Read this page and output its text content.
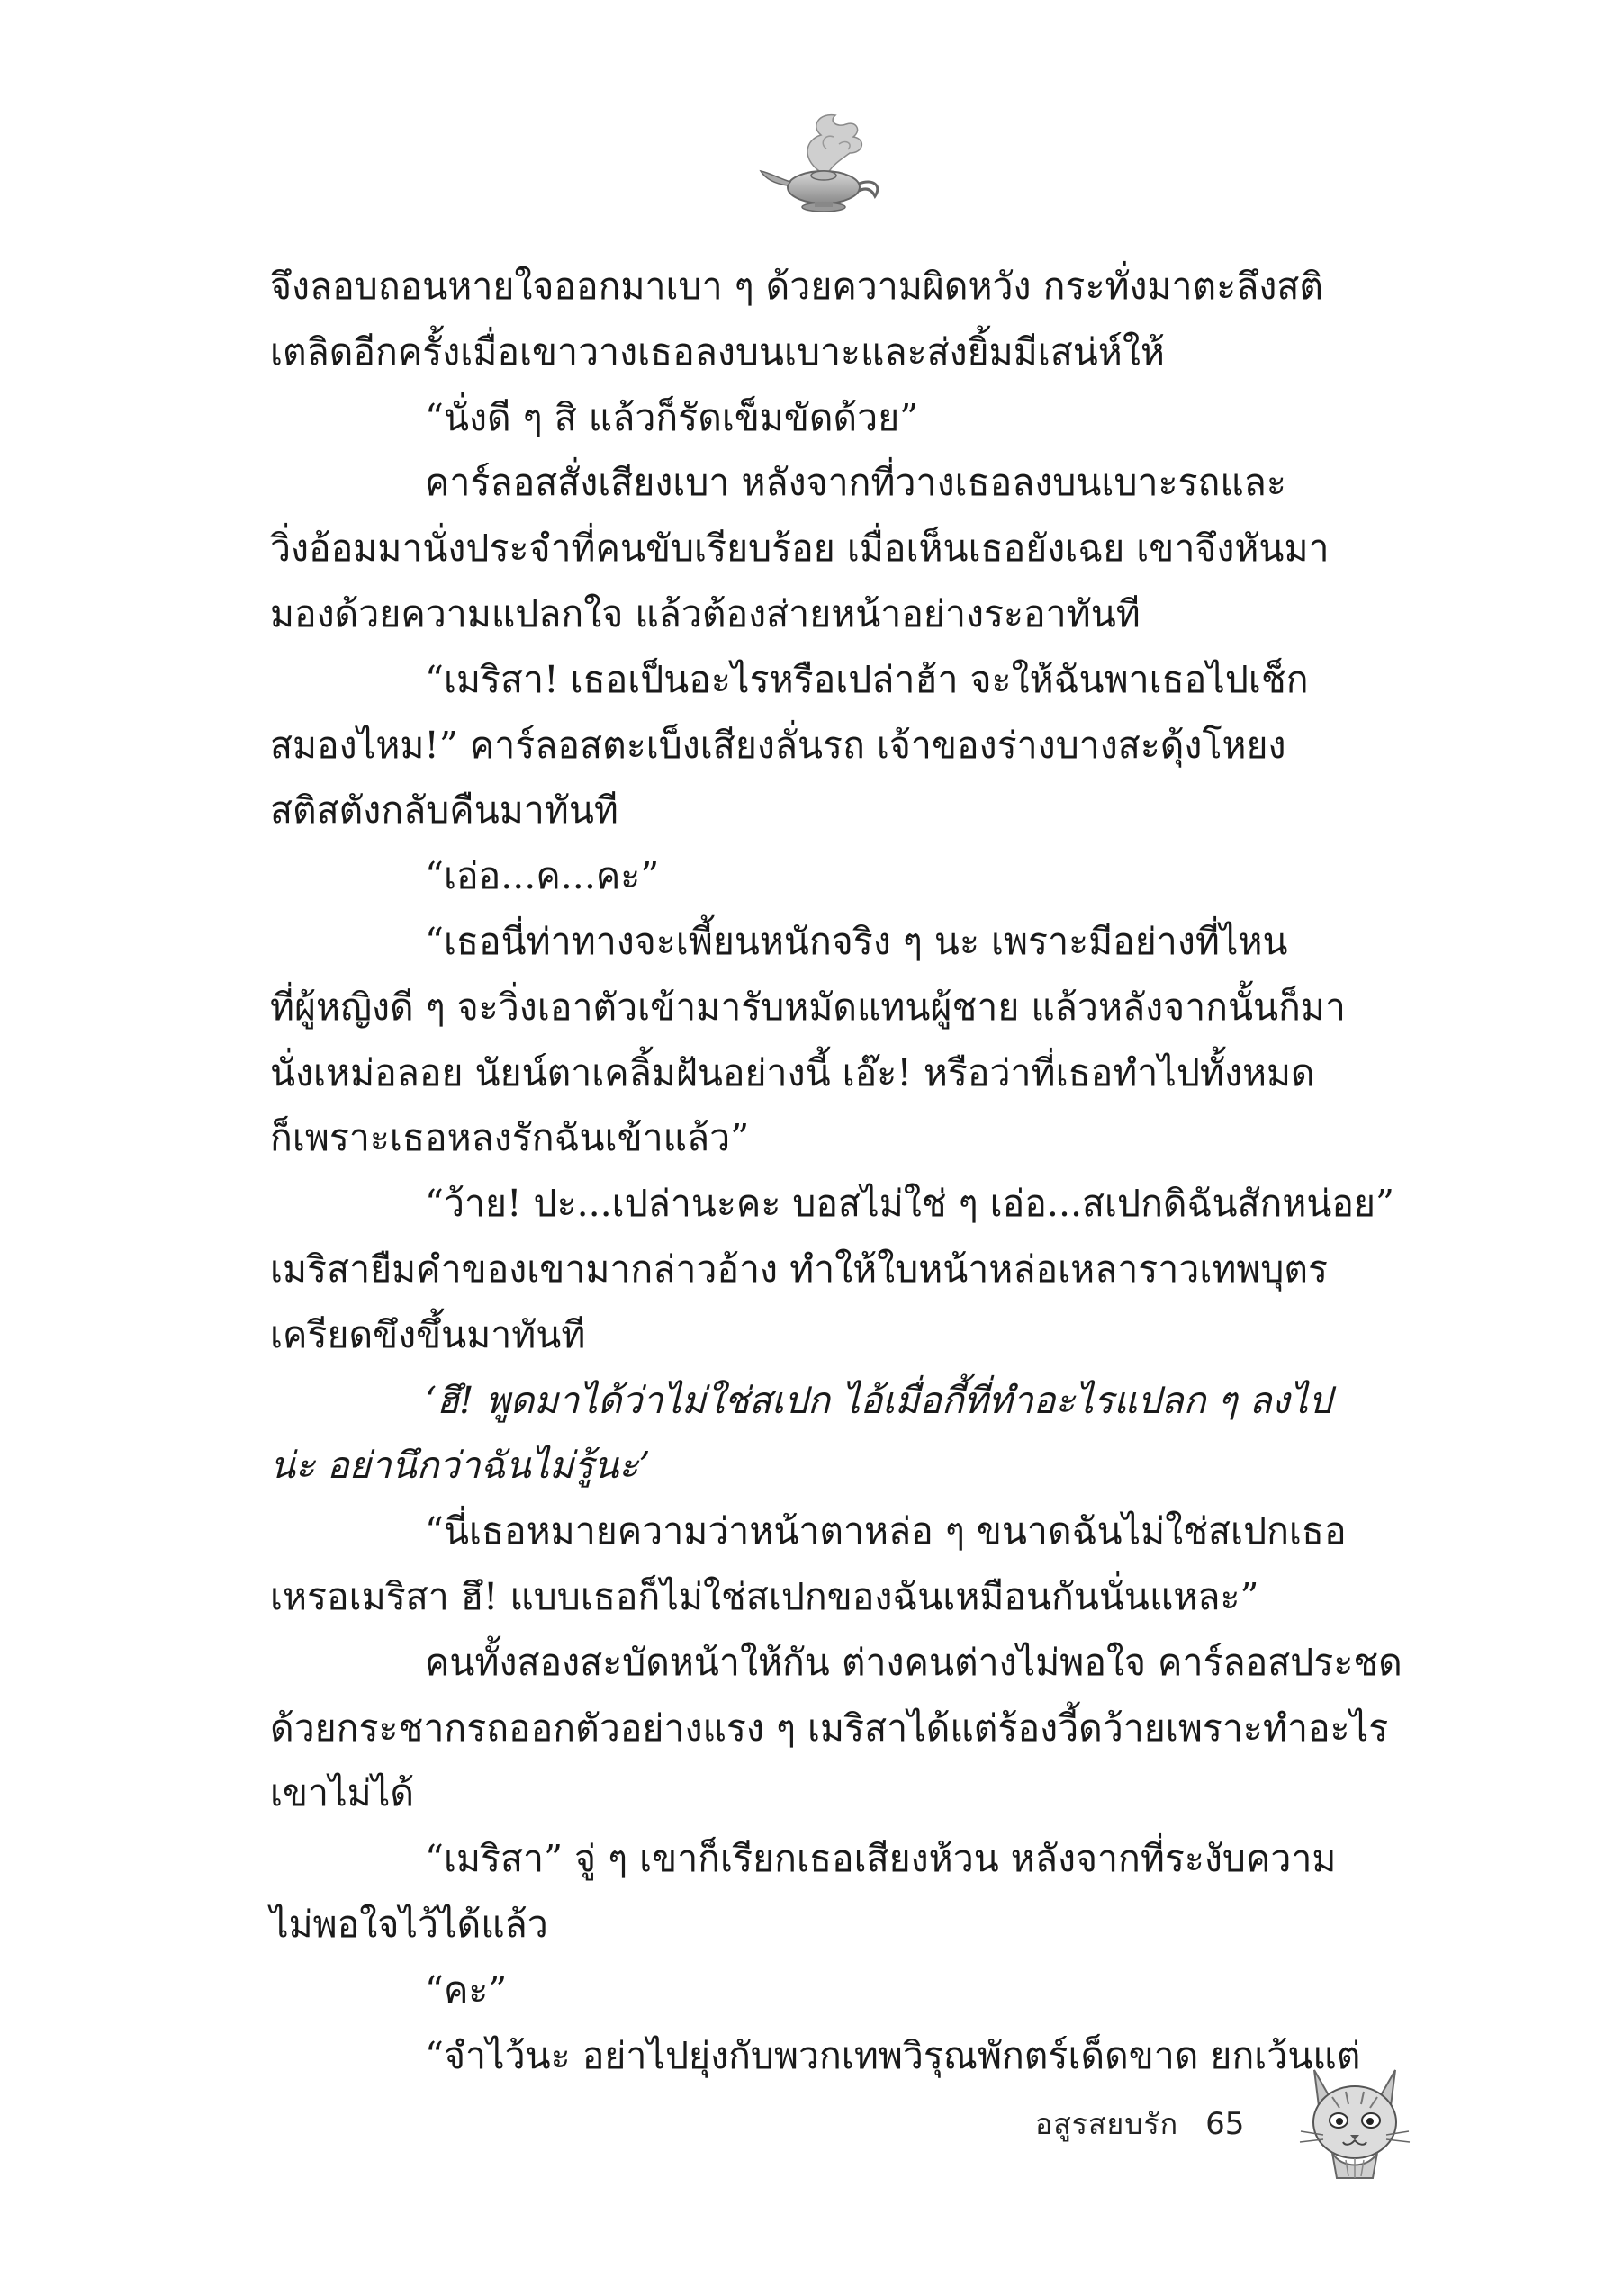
จึงลอบถอนหายใจออกมาเบา ๆ ด้วยความผิดหวัง กระทั่งมาตะลึงสติ
เตลิดอีกครั้งเมื่อเขาวางเธอลงบนเบาะและส่งยิ้มมีเสน่ห์ให้
“นั่งดี ๆ สิ แล้วก็รัดเข็มขัดด้วย”
คาร์ลอสสั่งเสียงเบา หลังจากที่วางเธอลงบนเบาะรถและ
วิ่งอ้อมมานั่งประจำที่คนขับเรียบร้อย เมื่อเห็นเธอยังเฉย เขาจึงหันมา
มองด้วยความแปลกใจ แล้วต้องส่ายหน้าอย่างระอาทันที
“เมริสา! เธอเป็นอะไรหรือเปล่าฮ้า จะให้ฉันพาเธอไปเช็ก
สมองไหม!” คาร์ลอสตะเบ็งเสียงลั่นรถ เจ้าของร่างบางสะดุ้งโหยง
สติสตังกลับคืนมาทันที
“เอ่อ...ค...คะ”
“เธอนี่ท่าทางจะเพี้ยนหนักจริง ๆ นะ เพราะมีอย่างที่ไหน
ที่ผู้หญิงดี ๆ จะวิ่งเอาตัวเข้ามารับหมัดแทนผู้ชาย แล้วหลังจากนั้นก็มา
นั่งเหม่อลอย นัยน์ตาเคลิ้มฝันอย่างนี้ เอ๊ะ! หรือว่าที่เธอทำไปทั้งหมด
ก็เพราะเธอหลงรักฉันเข้าแล้ว”
“ว้าย! ปะ...เปล่านะคะ บอสไม่ใช่ ๆ เอ่อ...สเปกดิฉันสักหน่อย”
เมริสายืมคำของเขามากล่าวอ้าง ทำให้ใบหน้าหล่อเหลาราวเทพบุตร
เครียดขึงขึ้นมาทันที
‘ฮึ! พูดมาได้ว่าไม่ใช่สเปก ไอ้เมื่อกี้ที่ทำอะไรแปลก ๆ ลงไป
น่ะ อย่านึกว่าฉันไม่รู้นะ’
“นี่เธอหมายความว่าหน้าตาหล่อ ๆ ขนาดฉันไม่ใช่สเปกเธอ
เหรอเมริสา ฮึ! แบบเธอก็ไม่ใช่สเปกของฉันเหมือนกันนั่นแหละ”
คนทั้งสองสะบัดหน้าให้กัน ต่างคนต่างไม่พอใจ คาร์ลอสประชด
ด้วยกระชากรถออกตัวอย่างแรง ๆ เมริสาได้แต่ร้องวี้ดว้ายเพราะทำอะไร
เขาไม่ได้
“เมริสา” จู่ ๆ เขาก็เรียกเธอเสียงห้วน หลังจากที่ระงับความ
ไม่พอใจไว้ได้แล้ว
“คะ”
“จำไว้นะ อย่าไปยุ่งกับพวกเทพวิรุณพักตร์เด็ดขาด ยกเว้นแต่
อสูรสยบรัก 65
